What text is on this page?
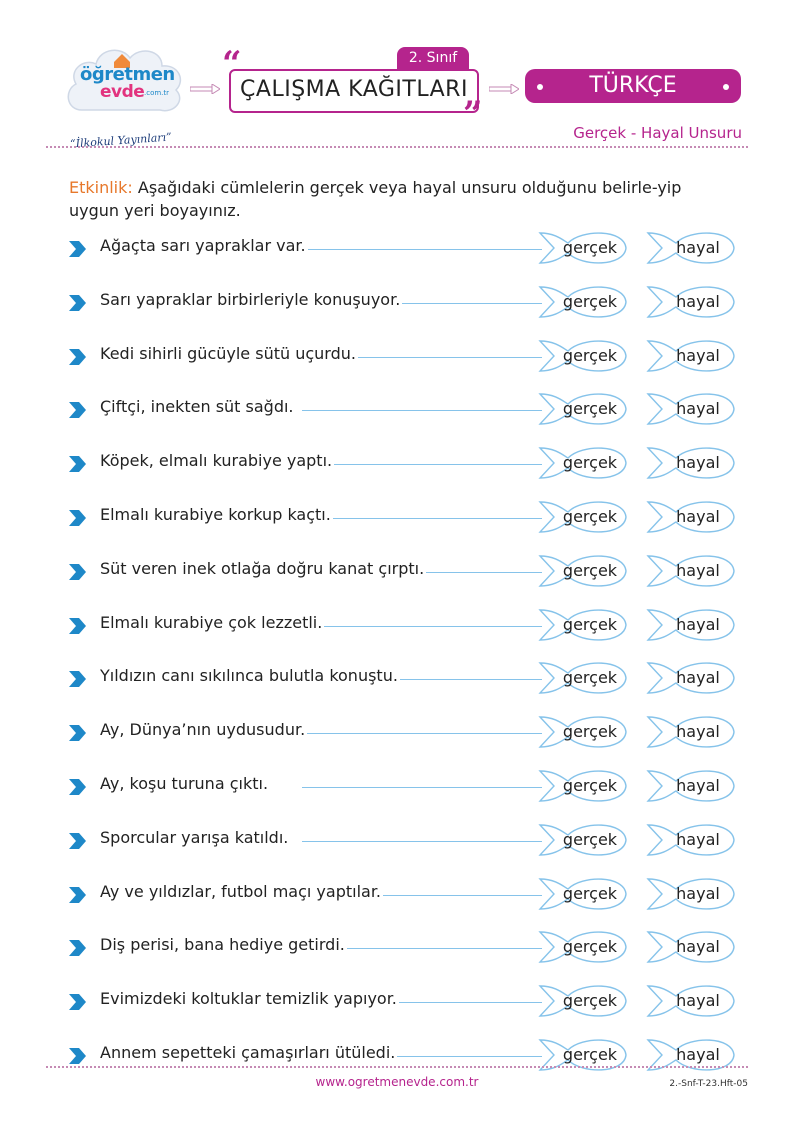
öğretmen
evde .com.tr
“İlkokul Yayınları”
2. Sınıf
ÇALIŞMA KAĞITLARI
“
”
TÜRKÇE
Gerçek - Hayal Unsuru
Etkinlik: Aşağıdaki cümlelerin gerçek veya hayal unsuru olduğunu belirle-yip uygun yeri boyayınız.
Ağaçta sarı yapraklar var.	gerçek	hayal
Sarı yapraklar birbirleriyle konuşuyor.	gerçek	hayal
Kedi sihirli gücüyle sütü uçurdu.	gerçek	hayal
Çiftçi, inekten süt sağdı.	gerçek	hayal
Köpek, elmalı kurabiye yaptı.	gerçek	hayal
Elmalı kurabiye korkup kaçtı.	gerçek	hayal
Süt veren inek otlağa doğru kanat çırptı.	gerçek	hayal
Elmalı kurabiye çok lezzetli.	gerçek	hayal
Yıldızın canı sıkılınca bulutla konuştu.	gerçek	hayal
Ay, Dünya’nın uydusudur.	gerçek	hayal
Ay, koşu turuna çıktı.	gerçek	hayal
Sporcular yarışa katıldı.	gerçek	hayal
Ay ve yıldızlar, futbol maçı yaptılar.	gerçek	hayal
Diş perisi, bana hediye getirdi.	gerçek	hayal
Evimizdeki koltuklar temizlik yapıyor.	gerçek	hayal
Annem sepetteki çamaşırları ütüledi.	gerçek	hayal
www.ogretmenevde.com.tr	2.-Snf-T-23.Hft-05
